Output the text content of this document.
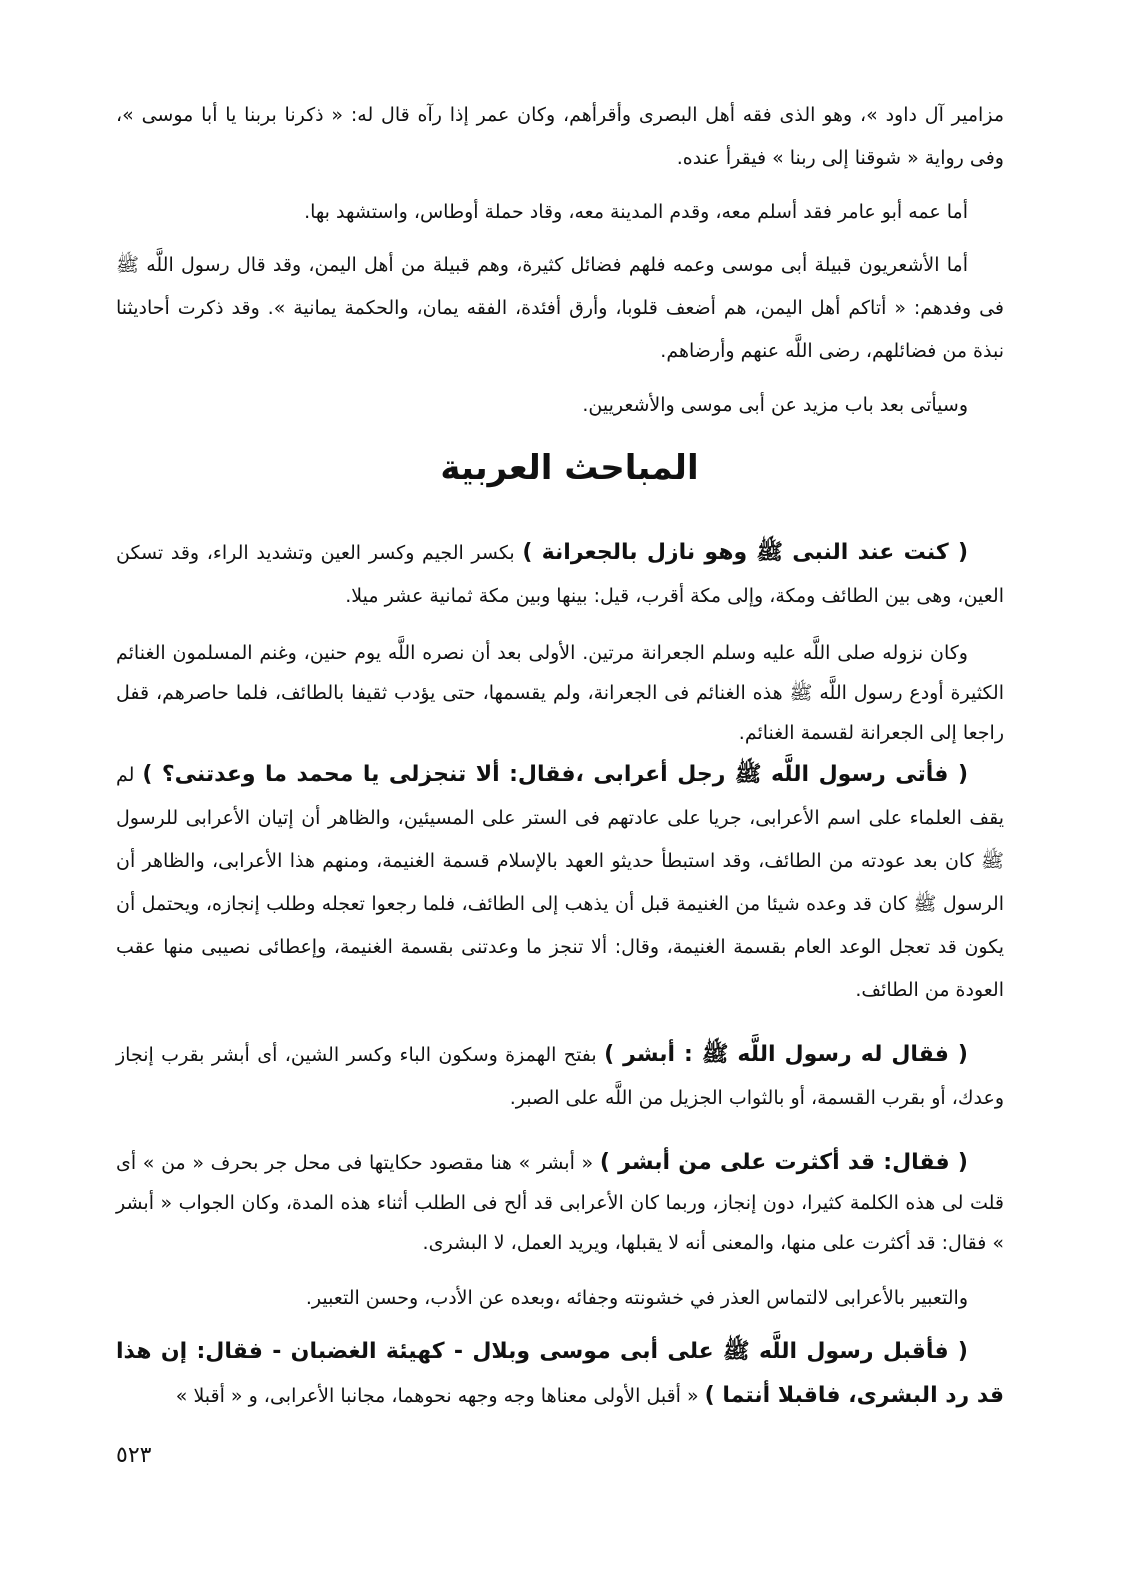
مزامير آل داود »، وهو الذى فقه أهل البصرى وأقرأهم، وكان عمر إذا رآه قال له: « ذكرنا بربنا يا أبا موسى »، وفى رواية « شوقنا إلى ربنا » فيقرأ عنده.
أما عمه أبو عامر فقد أسلم معه، وقدم المدينة معه، وقاد حملة أوطاس، واستشهد بها.
أما الأشعريون قبيلة أبى موسى وعمه فلهم فضائل كثيرة، وهم قبيلة من أهل اليمن، وقد قال رسول اللَّه ﷺ فى وفدهم: « أتاكم أهل اليمن، هم أضعف قلوبا، وأرق أفئدة، الفقه يمان، والحكمة يمانية ». وقد ذكرت أحاديثنا نبذة من فضائلهم، رضى اللَّه عنهم وأرضاهم.
وسيأتى بعد باب مزيد عن أبى موسى والأشعريين.
المباحث العربية
( كنت عند النبى ﷺ وهو نازل بالجعرانة ) بكسر الجيم وكسر العين وتشديد الراء، وقد تسكن العين، وهى بين الطائف ومكة، وإلى مكة أقرب، قيل: بينها وبين مكة ثمانية عشر ميلا.
وكان نزوله صلى اللَّه عليه وسلم الجعرانة مرتين. الأولى بعد أن نصره اللَّه يوم حنين، وغنم المسلمون الغنائم الكثيرة أودع رسول اللَّه ﷺ هذه الغنائم فى الجعرانة، ولم يقسمها، حتى يؤدب ثقيفا بالطائف، فلما حاصرهم، قفل راجعا إلى الجعرانة لقسمة الغنائم.
( فأتى رسول اللَّه ﷺ رجل أعرابى ،فقال: ألا تنجزلى يا محمد ما وعدتنى؟ ) لم يقف العلماء على اسم الأعرابى، جريا على عادتهم فى الستر على المسيئين، والظاهر أن إتيان الأعرابى للرسول ﷺ كان بعد عودته من الطائف، وقد استبطأ حديثو العهد بالإسلام قسمة الغنيمة، ومنهم هذا الأعرابى، والظاهر أن الرسول ﷺ كان قد وعده شيئا من الغنيمة قبل أن يذهب إلى الطائف، فلما رجعوا تعجله وطلب إنجازه، ويحتمل أن يكون قد تعجل الوعد العام بقسمة الغنيمة، وقال: ألا تنجز ما وعدتنى بقسمة الغنيمة، وإعطائى نصيبى منها عقب العودة من الطائف.
( فقال له رسول اللَّه ﷺ : أبشر ) بفتح الهمزة وسكون الباء وكسر الشين، أى أبشر بقرب إنجاز وعدك، أو بقرب القسمة، أو بالثواب الجزيل من اللَّه على الصبر.
( فقال: قد أكثرت على من أبشر ) « أبشر » هنا مقصود حكايتها فى محل جر بحرف « من » أى قلت لى هذه الكلمة كثيرا، دون إنجاز، وربما كان الأعرابى قد ألح فى الطلب أثناء هذه المدة، وكان الجواب « أبشر » فقال: قد أكثرت على منها، والمعنى أنه لا يقبلها، ويريد العمل، لا البشرى.
والتعبير بالأعرابى لالتماس العذر في خشونته وجفائه ،وبعده عن الأدب، وحسن التعبير.
( فأقبل رسول اللَّه ﷺ على أبى موسى وبلال - كهيئة الغضبان - فقال: إن هذا قد رد البشرى، فاقبلا أنتما ) « أقبل الأولى معناها وجه وجهه نحوهما، مجانبا الأعرابى، و « أقبلا »
٥٢٣
